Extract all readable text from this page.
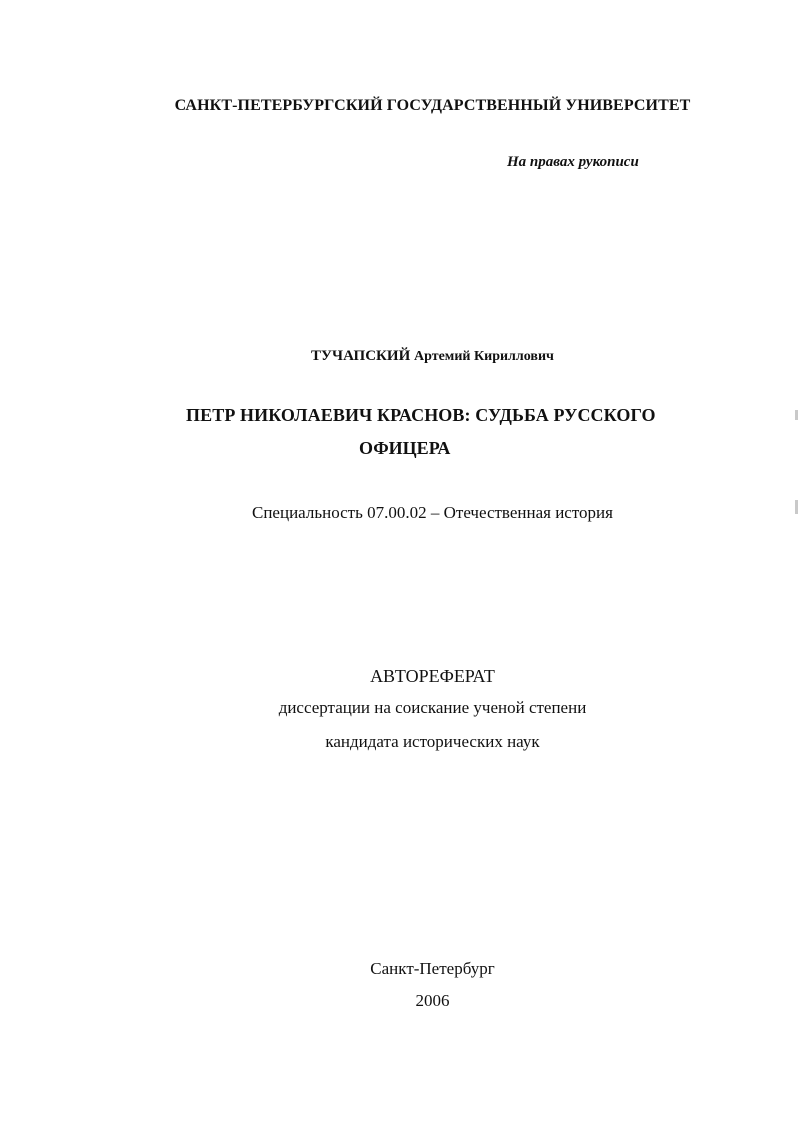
САНКТ-ПЕТЕРБУРГСКИЙ ГОСУДАРСТВЕННЫЙ УНИВЕРСИТЕТ
На правах рукописи
ТУЧАПСКИЙ Артемий Кириллович
ПЕТР НИКОЛАЕВИЧ КРАСНОВ: СУДЬБА РУССКОГО
ОФИЦЕРА
Специальность 07.00.02 – Отечественная история
АВТОРЕФЕРАТ
диссертации на соискание ученой степени
кандидата исторических наук
Санкт-Петербург
2006
